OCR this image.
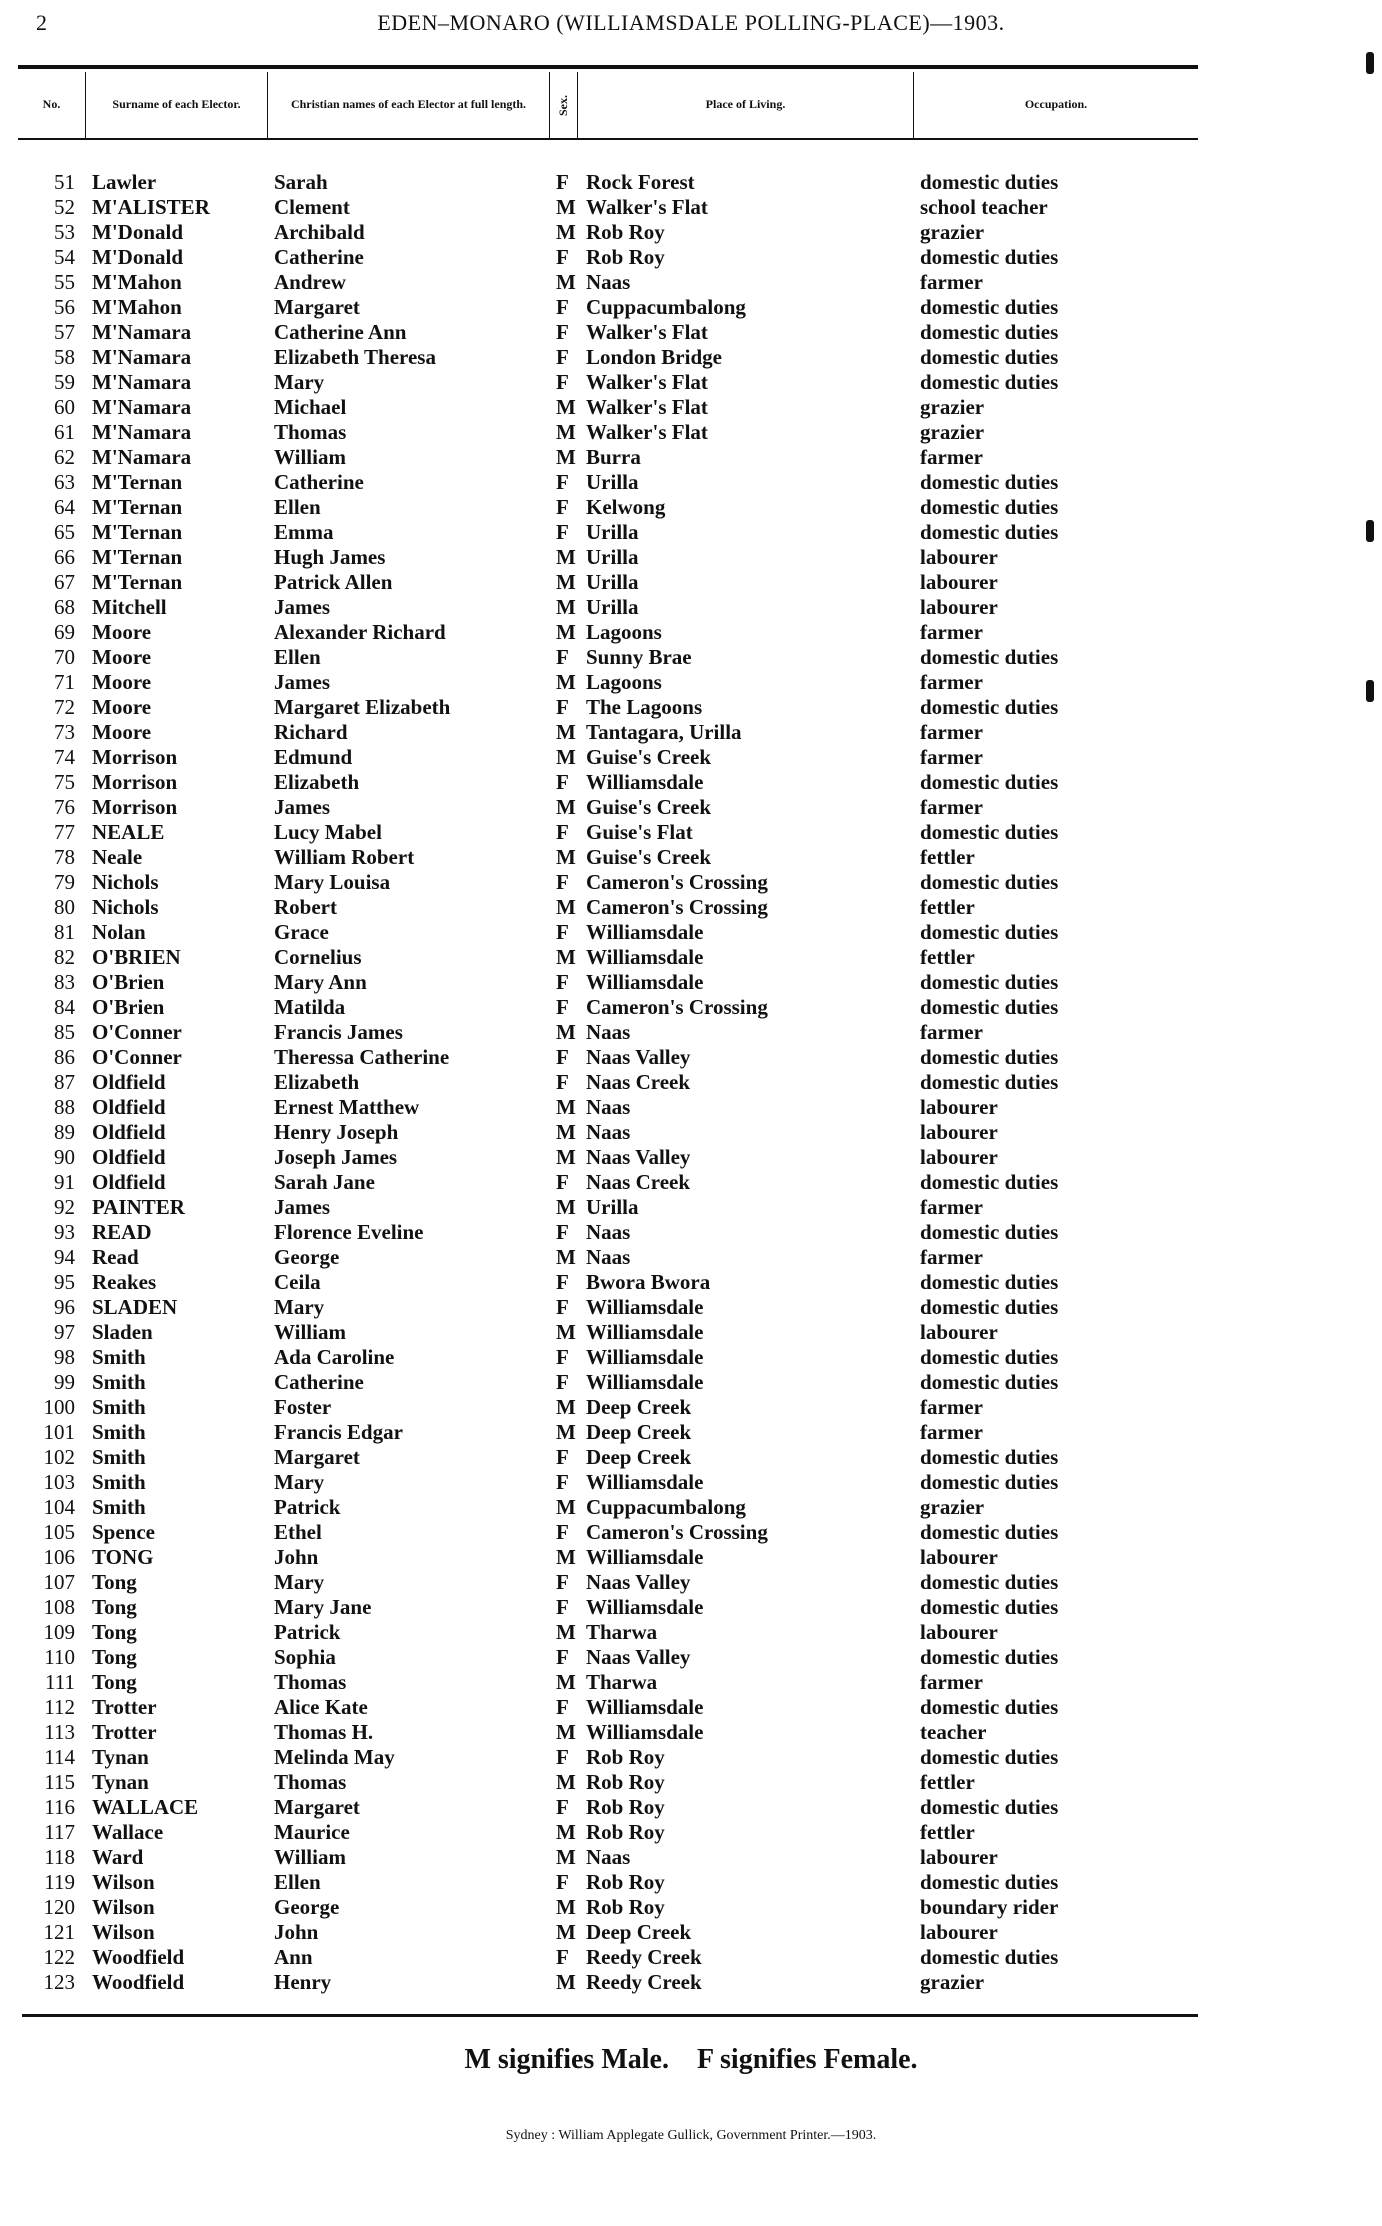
2	EDEN–MONARO (WILLIAMSDALE POLLING-PLACE)—1903.
No.	Surname of each Elector.	Christian names of each Elector at full length.	Sex.	Place of Living.	Occupation.
51 Lawler	Sarah	F Rock Forest	domestic duties
52 M'ALISTER	Clement	M Walker's Flat	school teacher
53 M'Donald	Archibald	M Rob Roy	grazier
54 M'Donald	Catherine	F Rob Roy	domestic duties
55 M'Mahon	Andrew	M Naas	farmer
56 M'Mahon	Margaret	F Cuppacumbalong	domestic duties
57 M'Namara	Catherine Ann	F Walker's Flat	domestic duties
58 M'Namara	Elizabeth Theresa	F London Bridge	domestic duties
59 M'Namara	Mary	F Walker's Flat	domestic duties
60 M'Namara	Michael	M Walker's Flat	grazier
61 M'Namara	Thomas	M Walker's Flat	grazier
62 M'Namara	William	M Burra	farmer
63 M'Ternan	Catherine	F Urilla	domestic duties
64 M'Ternan	Ellen	F Kelwong	domestic duties
65 M'Ternan	Emma	F Urilla	domestic duties
66 M'Ternan	Hugh James	M Urilla	labourer
67 M'Ternan	Patrick Allen	M Urilla	labourer
68 Mitchell	James	M Urilla	labourer
69 Moore	Alexander Richard	M Lagoons	farmer
70 Moore	Ellen	F Sunny Brae	domestic duties
71 Moore	James	M Lagoons	farmer
72 Moore	Margaret Elizabeth	F The Lagoons	domestic duties
73 Moore	Richard	M Tantagara, Urilla	farmer
74 Morrison	Edmund	M Guise's Creek	farmer
75 Morrison	Elizabeth	F Williamsdale	domestic duties
76 Morrison	James	M Guise's Creek	farmer
77 NEALE	Lucy Mabel	F Guise's Flat	domestic duties
78 Neale	William Robert	M Guise's Creek	fettler
79 Nichols	Mary Louisa	F Cameron's Crossing	domestic duties
80 Nichols	Robert	M Cameron's Crossing	fettler
81 Nolan	Grace	F Williamsdale	domestic duties
82 O'BRIEN	Cornelius	M Williamsdale	fettler
83 O'Brien	Mary Ann	F Williamsdale	domestic duties
84 O'Brien	Matilda	F Cameron's Crossing	domestic duties
85 O'Conner	Francis James	M Naas	farmer
86 O'Conner	Theressa Catherine	F Naas Valley	domestic duties
87 Oldfield	Elizabeth	F Naas Creek	domestic duties
88 Oldfield	Ernest Matthew	M Naas	labourer
89 Oldfield	Henry Joseph	M Naas	labourer
90 Oldfield	Joseph James	M Naas Valley	labourer
91 Oldfield	Sarah Jane	F Naas Creek	domestic duties
92 PAINTER	James	M Urilla	farmer
93 READ	Florence Eveline	F Naas	domestic duties
94 Read	George	M Naas	farmer
95 Reakes	Ceila	F Bwora Bwora	domestic duties
96 SLADEN	Mary	F Williamsdale	domestic duties
97 Sladen	William	M Williamsdale	labourer
98 Smith	Ada Caroline	F Williamsdale	domestic duties
99 Smith	Catherine	F Williamsdale	domestic duties
100 Smith	Foster	M Deep Creek	farmer
101 Smith	Francis Edgar	M Deep Creek	farmer
102 Smith	Margaret	F Deep Creek	domestic duties
103 Smith	Mary	F Williamsdale	domestic duties
104 Smith	Patrick	M Cuppacumbalong	grazier
105 Spence	Ethel	F Cameron's Crossing	domestic duties
106 TONG	John	M Williamsdale	labourer
107 Tong	Mary	F Naas Valley	domestic duties
108 Tong	Mary Jane	F Williamsdale	domestic duties
109 Tong	Patrick	M Tharwa	labourer
110 Tong	Sophia	F Naas Valley	domestic duties
111 Tong	Thomas	M Tharwa	farmer
112 Trotter	Alice Kate	F Williamsdale	domestic duties
113 Trotter	Thomas H.	M Williamsdale	teacher
114 Tynan	Melinda May	F Rob Roy	domestic duties
115 Tynan	Thomas	M Rob Roy	fettler
116 WALLACE	Margaret	F Rob Roy	domestic duties
117 Wallace	Maurice	M Rob Roy	fettler
118 Ward	William	M Naas	labourer
119 Wilson	Ellen	F Rob Roy	domestic duties
120 Wilson	George	M Rob Roy	boundary rider
121 Wilson	John	M Deep Creek	labourer
122 Woodfield	Ann	F Reedy Creek	domestic duties
123 Woodfield	Henry	M Reedy Creek	grazier
M signifies Male.    F signifies Female.
Sydney : William Applegate Gullick, Government Printer.—1903.
